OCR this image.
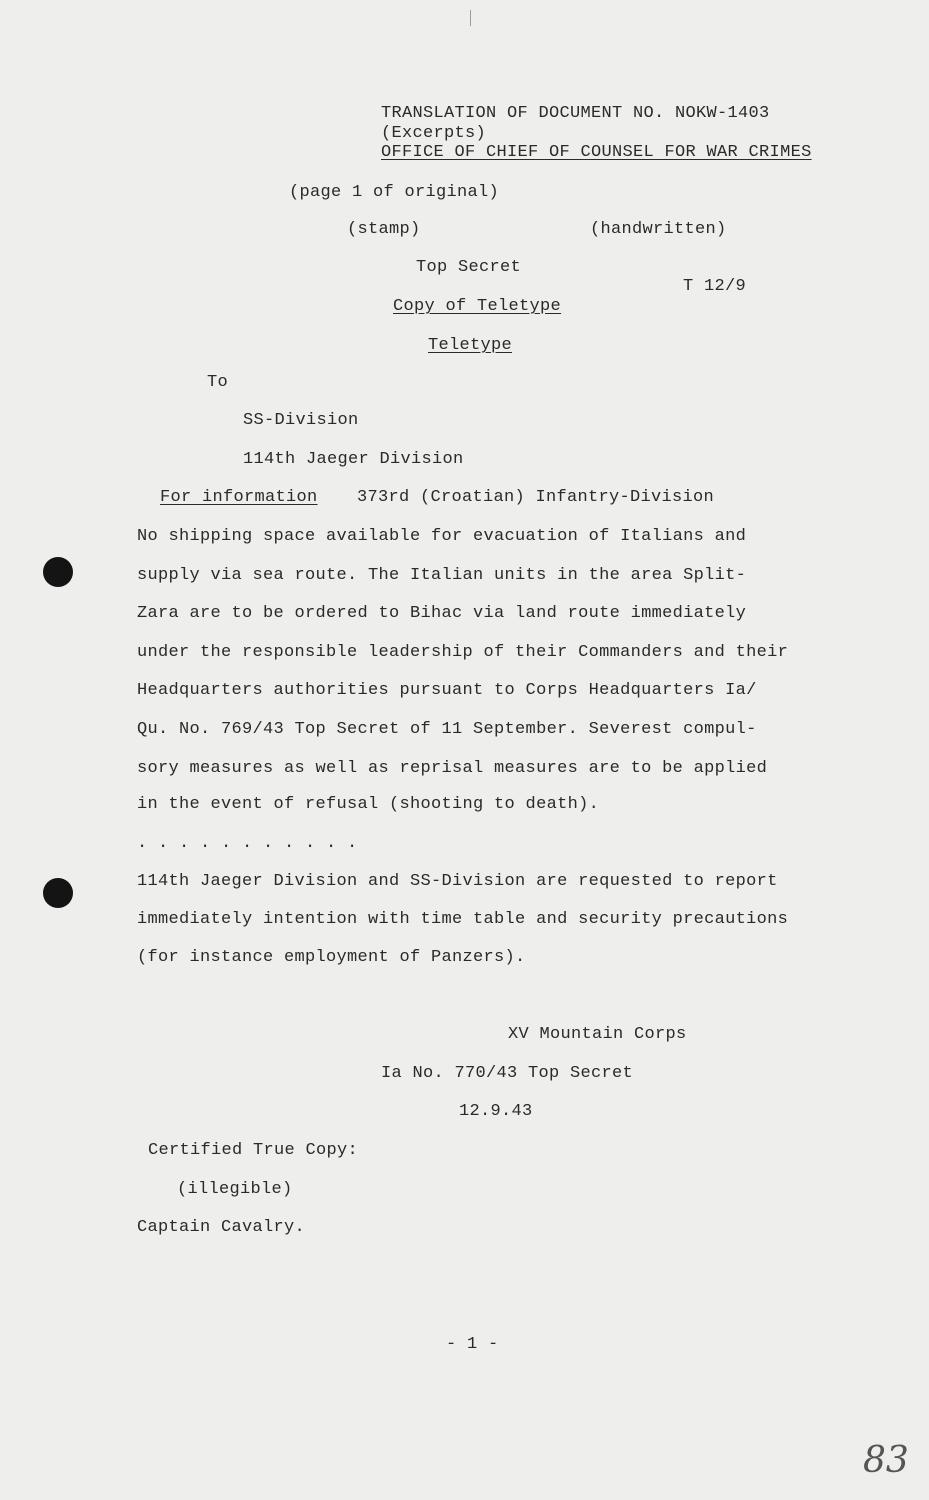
TRANSLATION OF DOCUMENT NO. NOKW-1403
(Excerpts)
OFFICE OF CHIEF OF COUNSEL FOR WAR CRIMES
(page 1 of original)
(stamp)	(handwritten)
Top Secret
T 12/9
Copy of Teletype
Teletype
To
SS-Division
114th Jaeger Division
For information 373rd (Croatian) Infantry-Division
No shipping space available for evacuation of Italians and
supply via sea route. The Italian units in the area Split-
Zara are to be ordered to Bihac via land route immediately
under the responsible leadership of their Commanders and their
Headquarters authorities pursuant to Corps Headquarters Ia/
Qu. No. 769/43 Top Secret of 11 September. Severest compul-
sory measures as well as reprisal measures are to be applied
in the event of refusal (shooting to death).
. . . . . . . . . . .
114th Jaeger Division and SS-Division are requested to report
immediately intention with time table and security precautions
(for instance employment of Panzers).
XV Mountain Corps
Ia No. 770/43 Top Secret
12.9.43
Certified True Copy:
(illegible)
Captain Cavalry.
- 1 -
83
